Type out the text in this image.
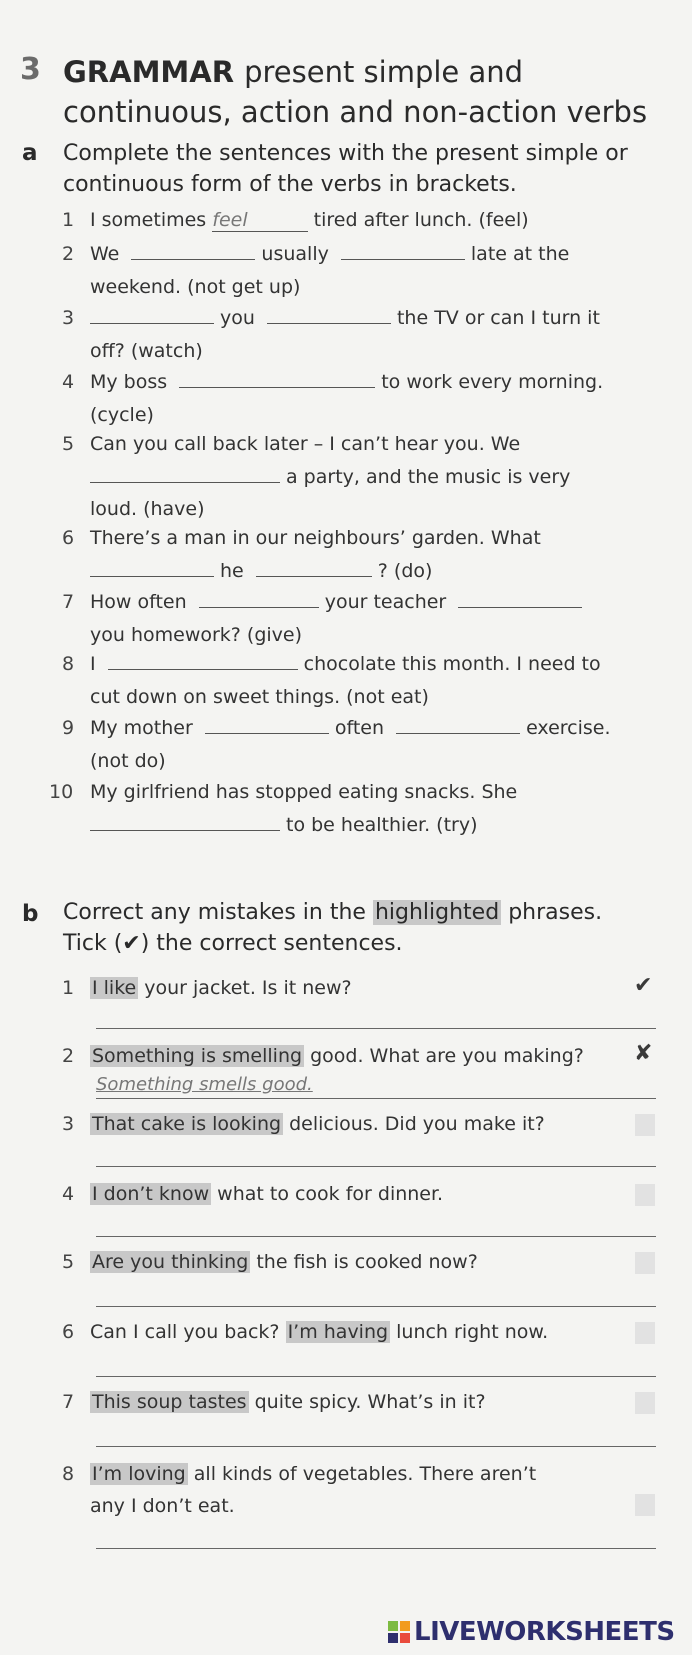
3 GRAMMAR present simple and continuous, action and non-action verbs
a Complete the sentences with the present simple or continuous form of the verbs in brackets.
1 I sometimes feel	tired after lunch. (feel)
2 We	usually	late at the
weekend. (not get up)
3	you	the TV or can I turn it
off? (watch)
4 My boss	to work every morning.
(cycle)
5 Can you call back later – I can’t hear you. We
a party, and the music is very
loud. (have)
6 There’s a man in our neighbours’ garden. What
he	? (do)
7 How often	your teacher
you homework? (give)
8 I	chocolate this month. I need to
cut down on sweet things. (not eat)
9 My mother	often	exercise.
(not do)
10 My girlfriend has stopped eating snacks. She
to be healthier. (try)
b Correct any mistakes in the highlighted phrases.
Tick (✔) the correct sentences.
1 I like your jacket. Is it new?	✔
2 Something is smelling good. What are you making?	✘
Something smells good.
3 That cake is looking delicious. Did you make it?
4 I don’t know what to cook for dinner.
5 Are you thinking the fish is cooked now?
6 Can I call you back? I’m having lunch right now.
7 This soup tastes quite spicy. What’s in it?
8 I’m loving all kinds of vegetables. There aren’t
any I don’t eat.
LIVEWORKSHEETS
